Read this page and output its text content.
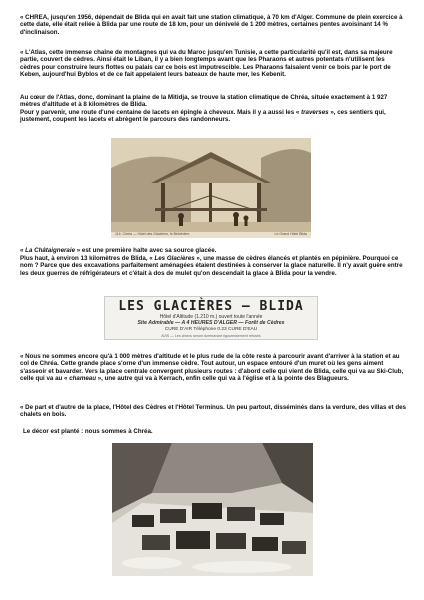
« CHREA, jusqu'en 1956, dépendait de Blida qui en avait fait une station climatique, à 70 km d'Alger. Commune de plein exercice à cette date, elle était reliée à Blida par une route de 18 km, pour un dénivelé de 1 200 mètres, certaines pentes avoisinant 14 % d'inclinaison.

« L'Atlas, cette immense chaîne de montagnes qui va du Maroc jusqu'en Tunisie, a cette particularité qu'il est, dans sa majeure partie, couvert de cèdres. Ainsi était le Liban, il y a bien longtemps avant que les Pharaons et autres potentats n'utilisent les cèdres pour construire leurs flottes ou palais car ce bois est imputrescible. Les Pharaons faisaient venir ce bois par le port de Keben, aujourd'hui Byblos et de ce fait appelaient leurs bateaux de haute mer, les Kebenit.

Au cœur de l'Atlas, donc, dominant la plaine de la Mitidja, se trouve la station climatique de Chréa, située exactement à 1 927 mètres d'altitude et à 8 kilomètres de Blida.

Pour y parvenir, une route d'une centaine de lacets en épingle à cheveux. Mais il y a aussi les « traverses », ces sentiers qui, justement, coupent les lacets et abrègent le parcours des randonneurs.

114. Chréa — Hôtel des Glacières, le Belvédère	Le Grand Hôtel Blida

« La Châtaigneraie » est une première halte avec sa source glacée.

Plus haut, à environ 13 kilomètres de Blida, « Les Glacières », une masse de cèdres élancés et plantés en pépinière. Pourquoi ce nom ? Parce que des excavations parfaitement aménagées étaient destinées à conserver la glace naturelle. Il n'y avait guère entre les deux guerres de réfrigérateurs et c'était à dos de mulet qu'on descendait la glace à Blida pour la vendre.

LES GLACIÈRES – BLIDA
Hôtel d'Altitude (1.210 m.) ouvert toute l'année
Site Admirable — A 4 HEURES D'ALGER — Forêt de Cèdres
CURE D'AIR Téléphone 0.23 CURE D'EAU
AVIS — Les chiens seront dorénavant rigoureusement refusés

« Nous ne sommes encore qu'à 1 000 mètres d'altitude et le plus rude de la côte reste à parcourir avant d'arriver à la station et au col de Chréa. Cette grande place s'orne d'un immense cèdre. Tout autour, un espace entouré d'un muret où les gens aiment s'asseoir et bavarder. Vers la place centrale convergent plusieurs routes : d'abord celle qui vient de Blida, celle qui va au Ski-Club, celle qui va au « chameau », une autre qui va à Kerrach, enfin celle qui va à l'église et à la pointe des Blagueurs.

« De part et d'autre de la place, l'Hôtel des Cèdres et l'Hôtel Terminus. Un peu partout, disséminés dans la verdure, des villas et des chalets en bois.

Le décor est planté : nous sommes à Chréa.
